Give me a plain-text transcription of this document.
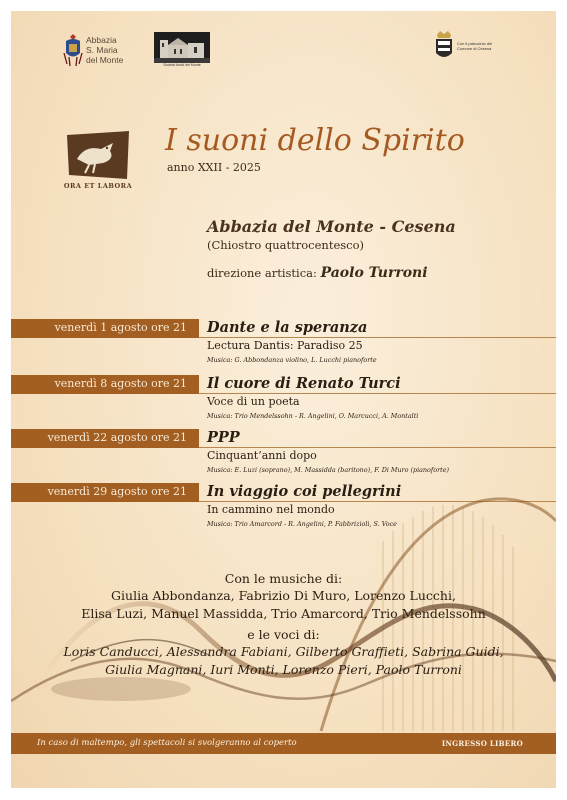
Abbazia
S. Maria
del Monte	Società Amici del Monte
Con il patrocinio del
Comune di Cesena
ORA ET LABORA
I suoni dello Spirito
anno XXII - 2025
Abbazia del Monte - Cesena
(Chiostro quattrocentesco)
direzione artistica: Paolo Turroni
venerdì 1 agosto ore 21 Dante e la speranza
Lectura Dantis: Paradiso 25
Musica: G. Abbondanza violino, L. Lucchi pianoforte
venerdì 8 agosto ore 21 Il cuore di Renato Turci
Voce di un poeta
Musica: Trio Mendelssohn - R. Angelini, O. Marcucci, A. Montalti
venerdì 22 agosto ore 21 PPP
Cinquant’anni dopo
Musica: E. Luzi (soprano), M. Massidda (baritono), F. Di Muro (pianoforte)
venerdì 29 agosto ore 21 In viaggio coi pellegrini
In cammino nel mondo
Musica: Trio Amarcord - R. Angelini, P. Fabbrizioli, S. Voce
Con le musiche di:
Giulia Abbondanza, Fabrizio Di Muro, Lorenzo Lucchi,
Elisa Luzi, Manuel Massidda, Trio Amarcord, Trio Mendelssohn
e le voci di:
Loris Canducci, Alessandra Fabiani, Gilberto Graffieti, Sabrina Guidi,
Giulia Magnani, Iuri Monti, Lorenzo Pieri, Paolo Turroni
In caso di maltempo, gli spettacoli si svolgeranno al coperto	INGRESSO LIBERO
